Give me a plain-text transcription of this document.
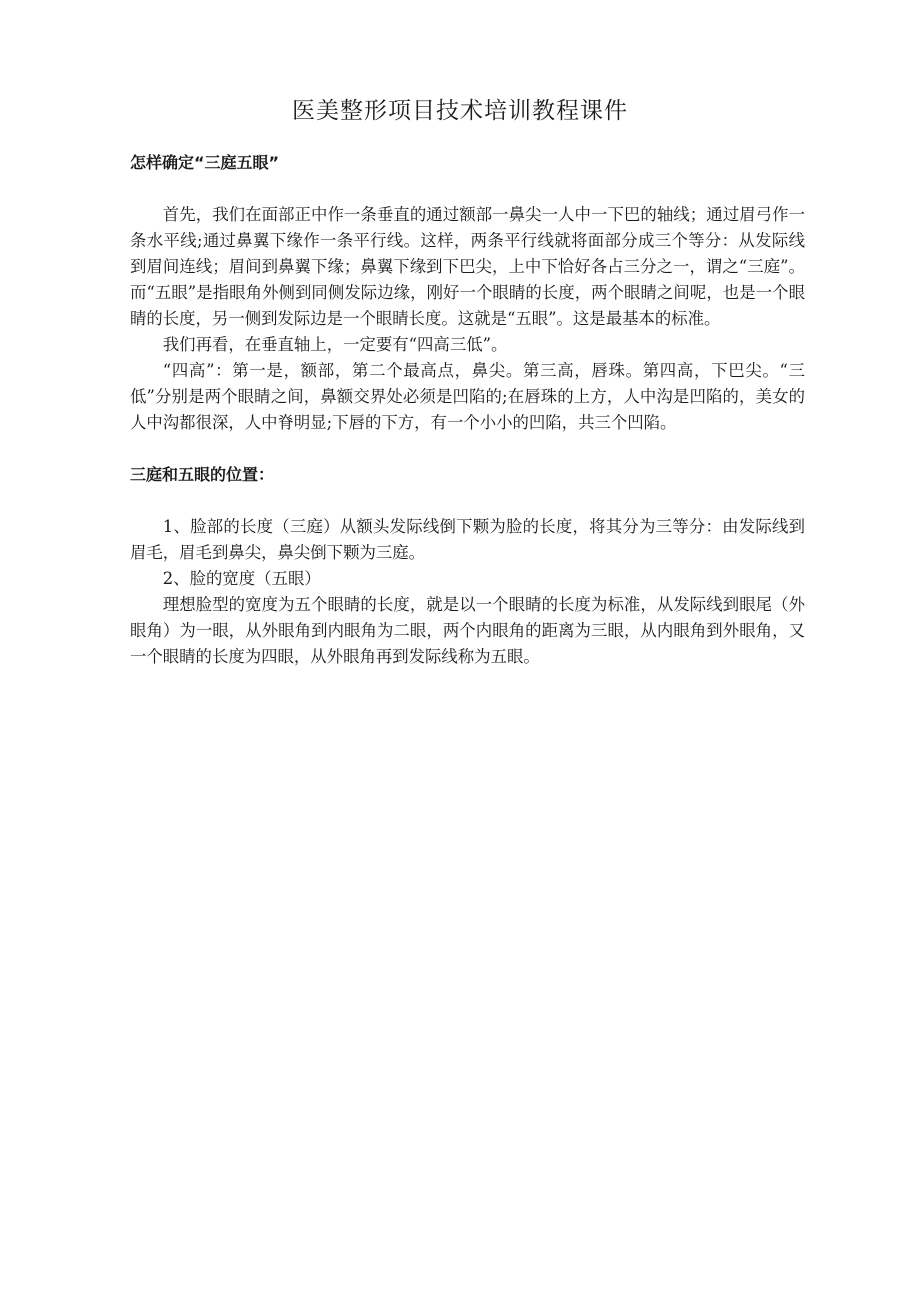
医美整形项目技术培训教程课件
怎样确定“三庭五眼”

首先，我们在面部正中作一条垂直的通过额部一鼻尖一人中一下巴的轴线；通过眉弓作一条水平线;通过鼻翼下缘作一条平行线。这样，两条平行线就将面部分成三个等分：从发际线到眉间连线；眉间到鼻翼下缘；鼻翼下缘到下巴尖，上中下恰好各占三分之一，谓之“三庭”。而“五眼”是指眼角外侧到同侧发际边缘，刚好一个眼睛的长度，两个眼睛之间呢，也是一个眼睛的长度，另一侧到发际边是一个眼睛长度。这就是“五眼”。这是最基本的标准。

我们再看，在垂直轴上，一定要有“四高三低”。

“四高”：第一是，额部，第二个最高点，鼻尖。第三高，唇珠。第四高，下巴尖。“三低”分别是两个眼睛之间，鼻额交界处必须是凹陷的;在唇珠的上方，人中沟是凹陷的，美女的人中沟都很深，人中脊明显;下唇的下方，有一个小小的凹陷，共三个凹陷。

三庭和五眼的位置：

1、脸部的长度（三庭）从额头发际线倒下颗为脸的长度，将其分为三等分：由发际线到眉毛，眉毛到鼻尖，鼻尖倒下颗为三庭。

2、脸的宽度（五眼）

理想脸型的宽度为五个眼睛的长度，就是以一个眼睛的长度为标准，从发际线到眼尾（外眼角）为一眼，从外眼角到内眼角为二眼，两个内眼角的距离为三眼，从内眼角到外眼角，又一个眼睛的长度为四眼，从外眼角再到发际线称为五眼。
